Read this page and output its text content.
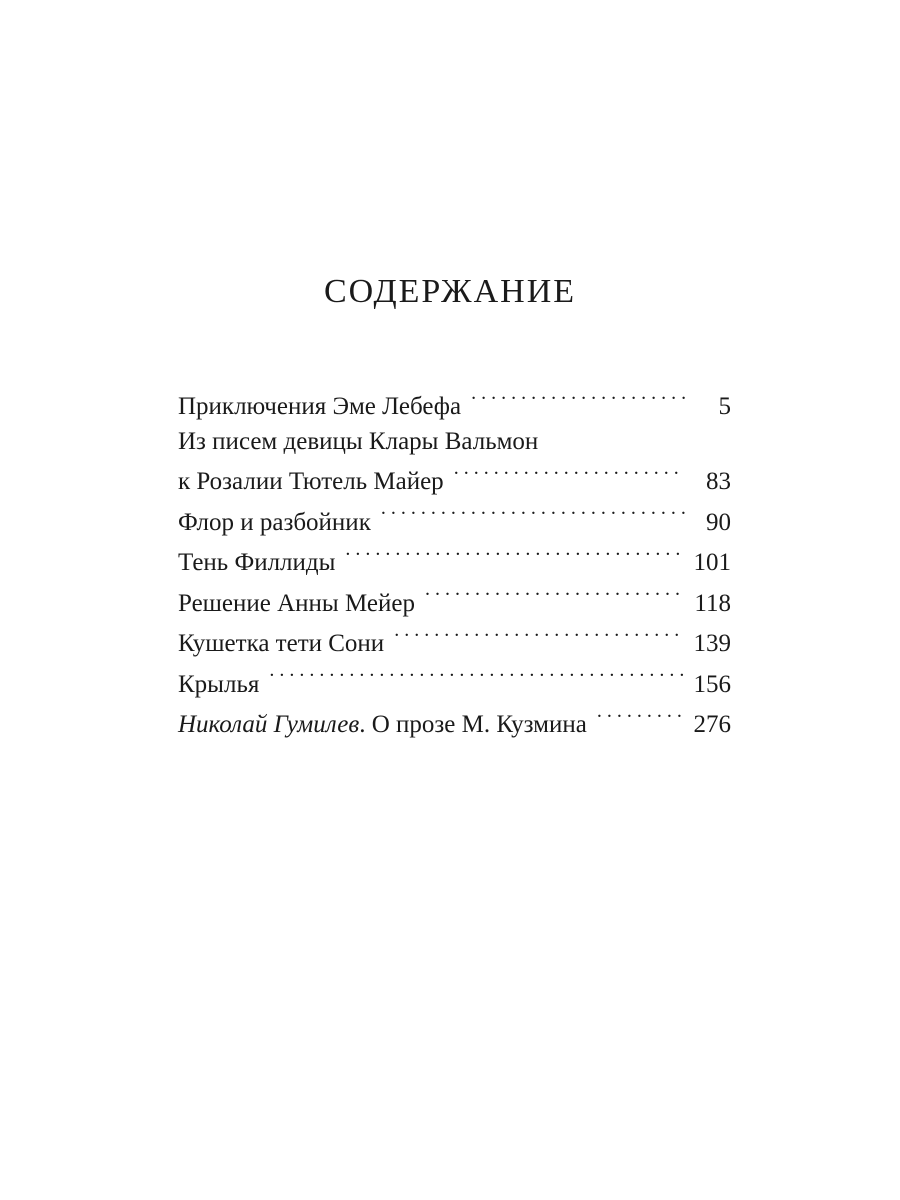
СОДЕРЖАНИЕ
Приключения Эме Лебефа . . .	5
Из писем девицы Клары Вальмон
к Розалии Тютель Майер . . .	83
Флор и разбойник . . .	90
Тень Филлиды . . .	101
Решение Анны Мейер . . .	118
Кушетка тети Сони . . .	139
Крылья . . .	156
Николай Гумилев. О прозе М. Кузмина . . .	276
